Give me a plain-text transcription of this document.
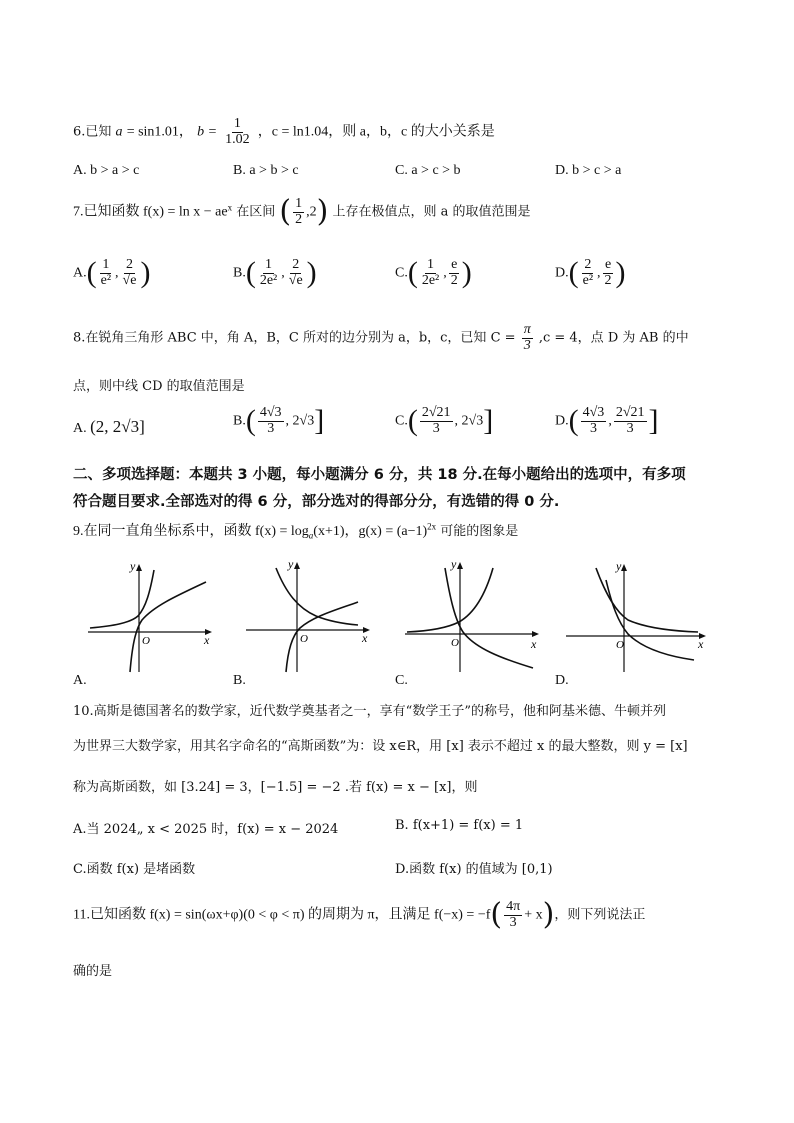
6.已知 a = sin1.01， $b = \frac{1}{1.02}$ ，c = ln1.04，则 a，b，c 的大小关系是
A. b > a > c	B. a > b > c	C. a > c > b	D. b > c > a
7.已知函数 $f(x) = \ln x - ae^x$ 在区间 ( $\frac{1}{2} ,2$) 上存在极值点，则 a 的取值范围是
$A.( \frac{1}{\text{e²}}$ , $\frac{2}{√e}$ )	$B.( \frac{1}{\text{2e²}}$ , $\frac{2}{√e}$ )	$C.( \frac{1}{\text{2e²}}$ , $\frac{e}{2}$ )	$D.( \frac{2}{\text{e²}}$ , $\frac{e}{2}$ )
8.在锐角三角形 ABC 中，角 A，B，C 所对的边分别为 a，b，c，已知 $C = \frac{\pi}{3} ,c = 4$，点 D 为 AB 的中
点，则中线 CD 的取值范围是
A. (2, 2√3]	$B.( \frac{4√3}{3}$ , 2√3]	$C.( \frac{2√21}{3}$ , 2√3]	$D.( \frac{4√3}{3}$ , $\frac{2√21}{3}$ ]
二、多项选择题：本题共 3 小题，每小题满分 6 分，共 18 分.在每小题给出的选项中，有多项
符合题目要求.全部选对的得 6 分，部分选对的得部分分，有选错的得 0 分.
9.在同一直角坐标系中，函数 $f(x) = \log_a(x+1)$，$g(x) = (a-1)^{2x}$ 可能的图象是
y
x
O
A.
y
x
O
B.
y
x
O
C.
y
x
O
D.
10.高斯是德国著名的数学家，近代数学奠基者之一，享有“数学王子”的称号，他和阿基米德、牛顿并列
为世界三大数学家，用其名字命名的“高斯函数”为：设 x∈R，用 [x] 表示不超过 x 的最大整数，则 y = [x]
称为高斯函数，如 [3.24] = 3，[−1.5] = −2 .若 f(x) = x − [x]，则
A.当 2024„ x < 2025 时，f(x) = x − 2024	B. f(x+1) = f(x) = 1
C.函数 f(x) 是堵函数	D.函数 f(x) 的值域为 [0,1)
11.已知函数 f(x) = sin(ωx+φ)(0 < φ < π) 的周期为 π，且满足 $f(-x) = -f( \frac{4\pi}{3} + x)$，则下列说法正
确的是
